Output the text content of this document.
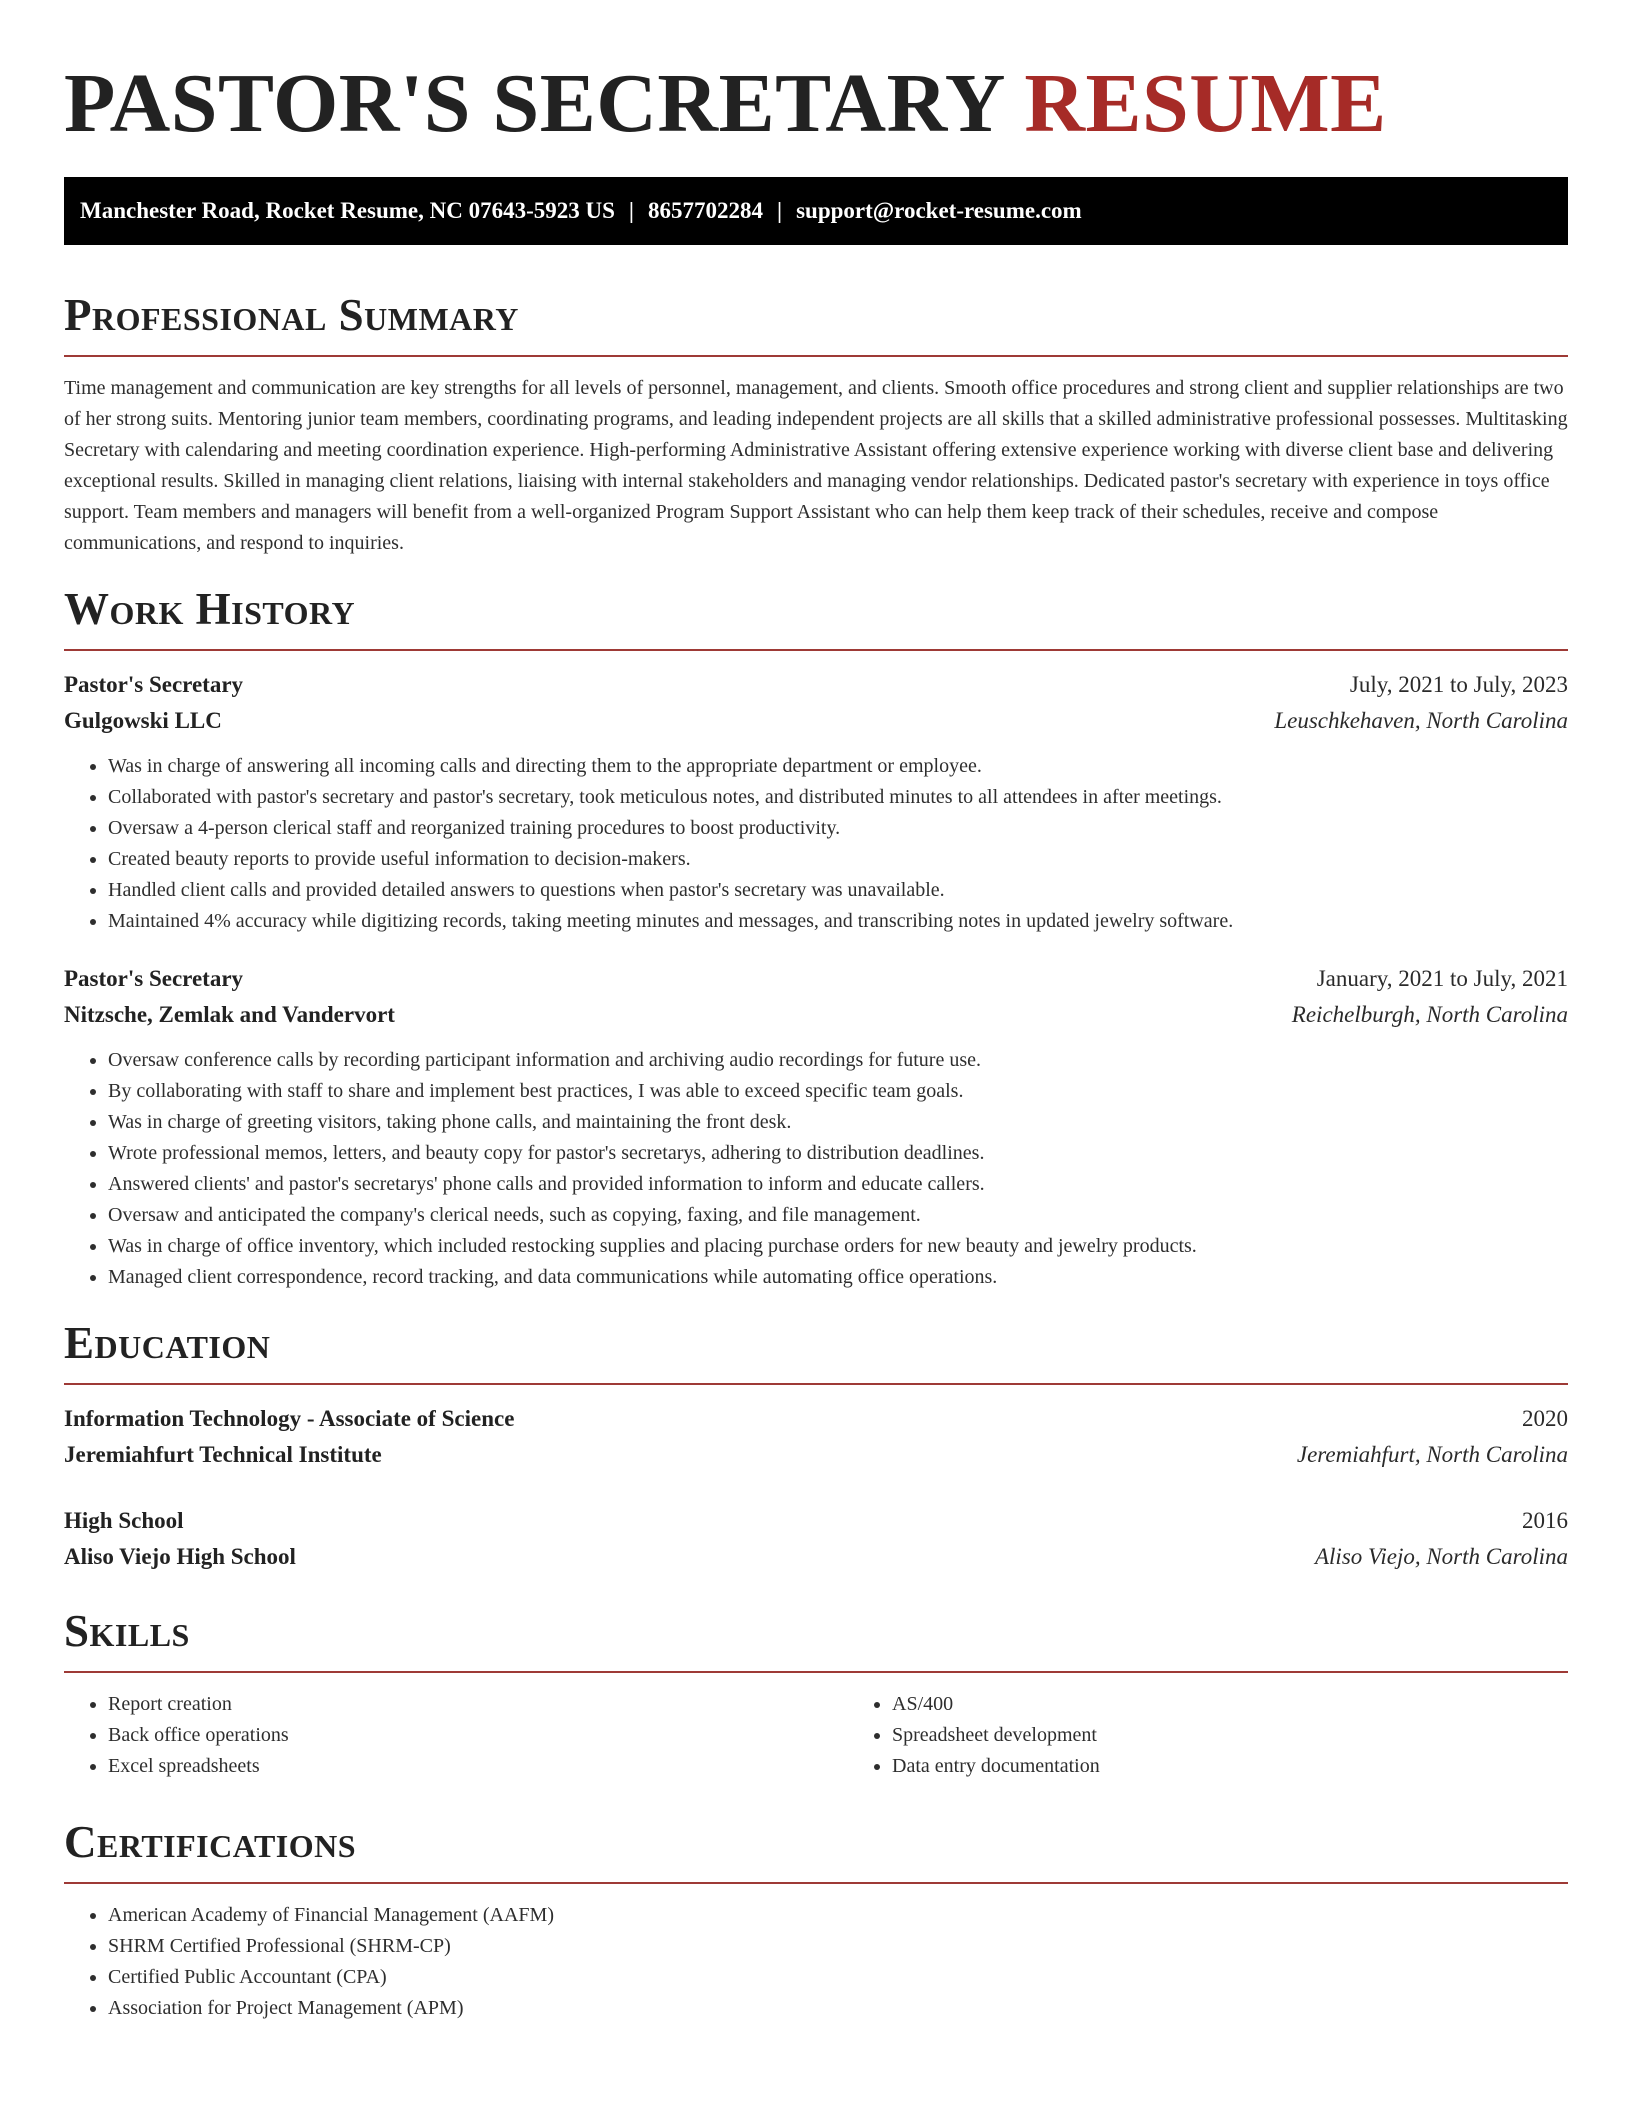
PASTOR'S SECRETARY RESUME
Manchester Road, Rocket Resume, NC 07643-5923 US | 8657702284 | support@rocket-resume.com
Professional Summary

Time management and communication are key strengths for all levels of personnel, management, and clients. Smooth office procedures and strong client and supplier relationships are two of her strong suits. Mentoring junior team members, coordinating programs, and leading independent projects are all skills that a skilled administrative professional possesses. Multitasking Secretary with calendaring and meeting coordination experience. High-performing Administrative Assistant offering extensive experience working with diverse client base and delivering exceptional results. Skilled in managing client relations, liaising with internal stakeholders and managing vendor relationships. Dedicated pastor's secretary with experience in toys office support. Team members and managers will benefit from a well-organized Program Support Assistant who can help them keep track of their schedules, receive and compose communications, and respond to inquiries.

Work History
Pastor's Secretary	July, 2021 to July, 2023
Gulgowski LLC	Leuschkehaven, North Carolina
• Was in charge of answering all incoming calls and directing them to the appropriate department or employee.
• Collaborated with pastor's secretary and pastor's secretary, took meticulous notes, and distributed minutes to all attendees in after meetings.
• Oversaw a 4-person clerical staff and reorganized training procedures to boost productivity.
• Created beauty reports to provide useful information to decision-makers.
• Handled client calls and provided detailed answers to questions when pastor's secretary was unavailable.
• Maintained 4% accuracy while digitizing records, taking meeting minutes and messages, and transcribing notes in updated jewelry software.
Pastor's Secretary	January, 2021 to July, 2021
Nitzsche, Zemlak and Vandervort	Reichelburgh, North Carolina
• Oversaw conference calls by recording participant information and archiving audio recordings for future use.
• By collaborating with staff to share and implement best practices, I was able to exceed specific team goals.
• Was in charge of greeting visitors, taking phone calls, and maintaining the front desk.
• Wrote professional memos, letters, and beauty copy for pastor's secretarys, adhering to distribution deadlines.
• Answered clients' and pastor's secretarys' phone calls and provided information to inform and educate callers.
• Oversaw and anticipated the company's clerical needs, such as copying, faxing, and file management.
• Was in charge of office inventory, which included restocking supplies and placing purchase orders for new beauty and jewelry products.
• Managed client correspondence, record tracking, and data communications while automating office operations.
Education
Information Technology - Associate of Science	2020
Jeremiahfurt Technical Institute	Jeremiahfurt, North Carolina
High School	2016
Aliso Viejo High School	Aliso Viejo, North Carolina
Skills
• Report creation
• Back office operations
• Excel spreadsheets
• AS/400
• Spreadsheet development
• Data entry documentation
Certifications
• American Academy of Financial Management (AAFM)
• SHRM Certified Professional (SHRM-CP)
• Certified Public Accountant (CPA)
• Association for Project Management (APM)
